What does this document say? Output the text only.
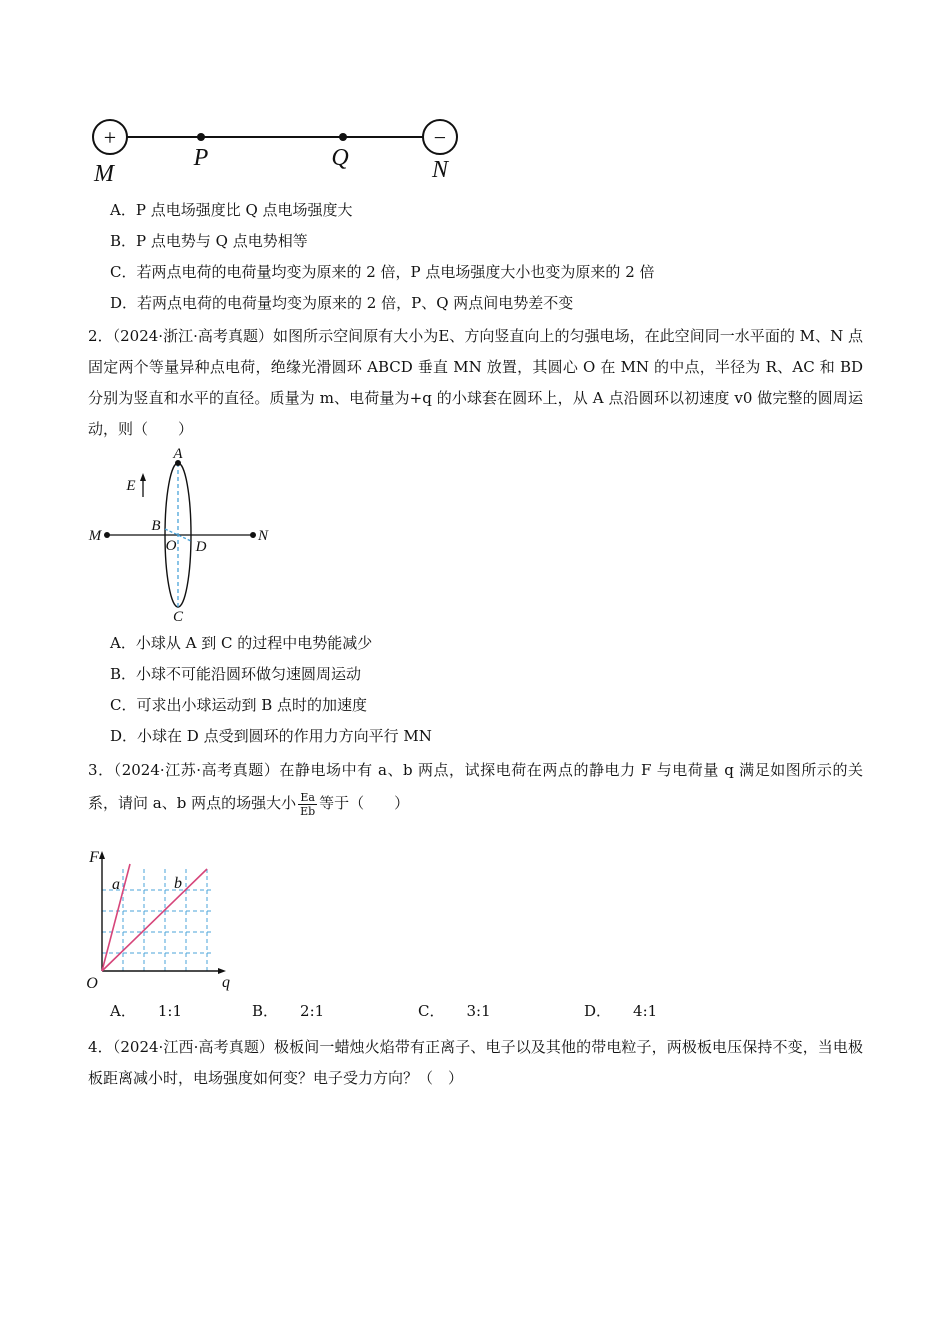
+	−
M
P	Q	N
A．P 点电场强度比 Q 点电场强度大
B．P 点电势与 Q 点电势相等
C．若两点电荷的电荷量均变为原来的 2 倍，P 点电场强度大小也变为原来的 2 倍
D．若两点电荷的电荷量均变为原来的 2 倍，P、Q 两点间电势差不变
2．（2024·浙江·高考真题）如图所示空间原有大小为E、方向竖直向上的匀强电场，在此空间同一水平面的 M、N 点固定两个等量异种点电荷，绝缘光滑圆环 ABCD 垂直 MN 放置，其圆心 O 在 MN 的中点，半径为 R、AC 和 BD 分别为竖直和水平的直径。质量为 m、电荷量为+q 的小球套在圆环上，从 A 点沿圆环以初速度 v0 做完整的圆周运动，则（　　）
A
B
C
D
O
M	N
E
A．小球从 A 到 C 的过程中电势能减少
B．小球不可能沿圆环做匀速圆周运动
C．可求出小球运动到 B 点时的加速度
D．小球在 D 点受到圆环的作用力方向平行 MN
3．（2024·江苏·高考真题）在静电场中有 a、b 两点，试探电荷在两点的静电力 F 与电荷量 q 满足如图所示的关系，请问 a、b 两点的场强大小 $\frac{Ea}{Eb}$ 等于（　　）
F
q
O
a	b
A． 1:1	B． 2:1	C． 3:1	D． 4:1
4．（2024·江西·高考真题）极板间一蜡烛火焰带有正离子、电子以及其他的带电粒子，两极板电压保持不变，当电极板距离减小时，电场强度如何变？电子受力方向？（　）
